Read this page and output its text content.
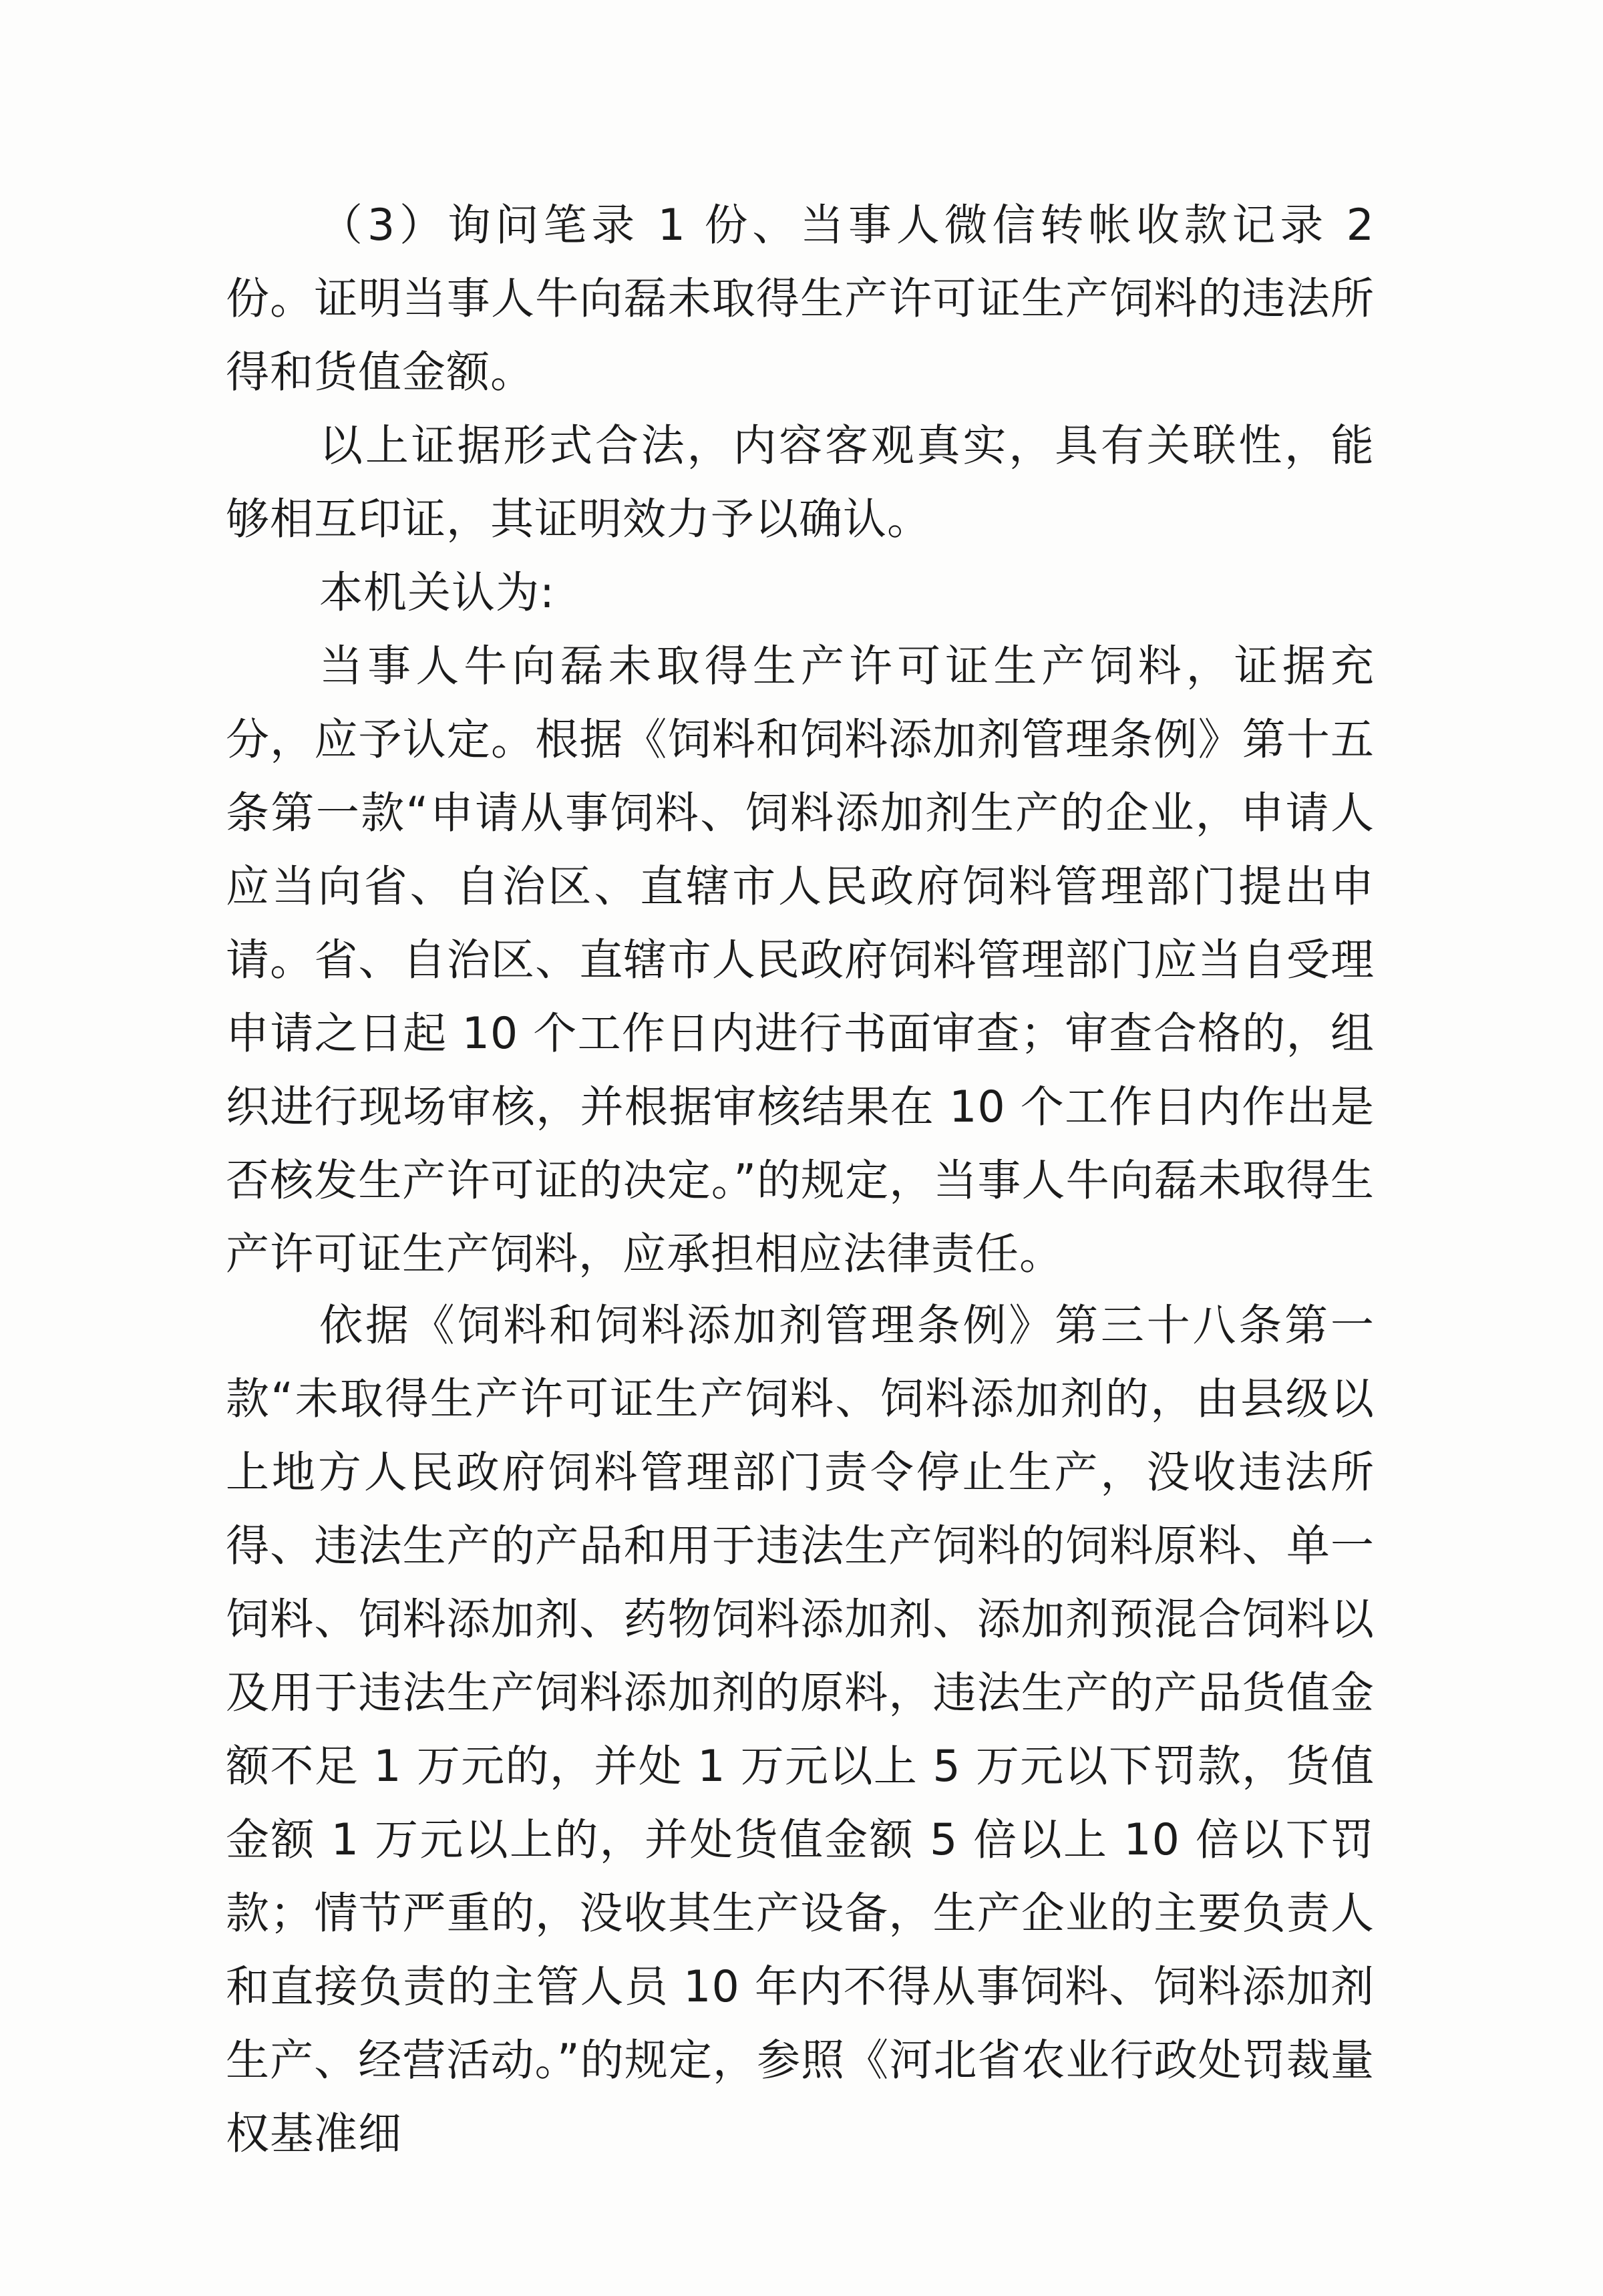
（3）询问笔录 1 份、当事人微信转帐收款记录 2 份。证明当事人牛向磊未取得生产许可证生产饲料的违法所得和货值金额。

以上证据形式合法，内容客观真实，具有关联性，能够相互印证，其证明效力予以确认。

本机关认为:

当事人牛向磊未取得生产许可证生产饲料，证据充分，应予认定。根据《饲料和饲料添加剂管理条例》第十五条第一款“申请从事饲料、饲料添加剂生产的企业，申请人应当向省、自治区、直辖市人民政府饲料管理部门提出申请。省、自治区、直辖市人民政府饲料管理部门应当自受理申请之日起 10 个工作日内进行书面审查；审查合格的，组织进行现场审核，并根据审核结果在 10 个工作日内作出是否核发生产许可证的决定。”的规定，当事人牛向磊未取得生产许可证生产饲料，应承担相应法律责任。

依据《饲料和饲料添加剂管理条例》第三十八条第一款“未取得生产许可证生产饲料、饲料添加剂的，由县级以上地方人民政府饲料管理部门责令停止生产，没收违法所得、违法生产的产品和用于违法生产饲料的饲料原料、单一饲料、饲料添加剂、药物饲料添加剂、添加剂预混合饲料以及用于违法生产饲料添加剂的原料，违法生产的产品货值金额不足 1 万元的，并处 1 万元以上 5 万元以下罚款，货值金额 1 万元以上的，并处货值金额 5 倍以上 10 倍以下罚款；情节严重的，没收其生产设备，生产企业的主要负责人和直接负责的主管人员 10 年内不得从事饲料、饲料添加剂生产、经营活动。”的规定，参照《河北省农业行政处罚裁量权基准细
